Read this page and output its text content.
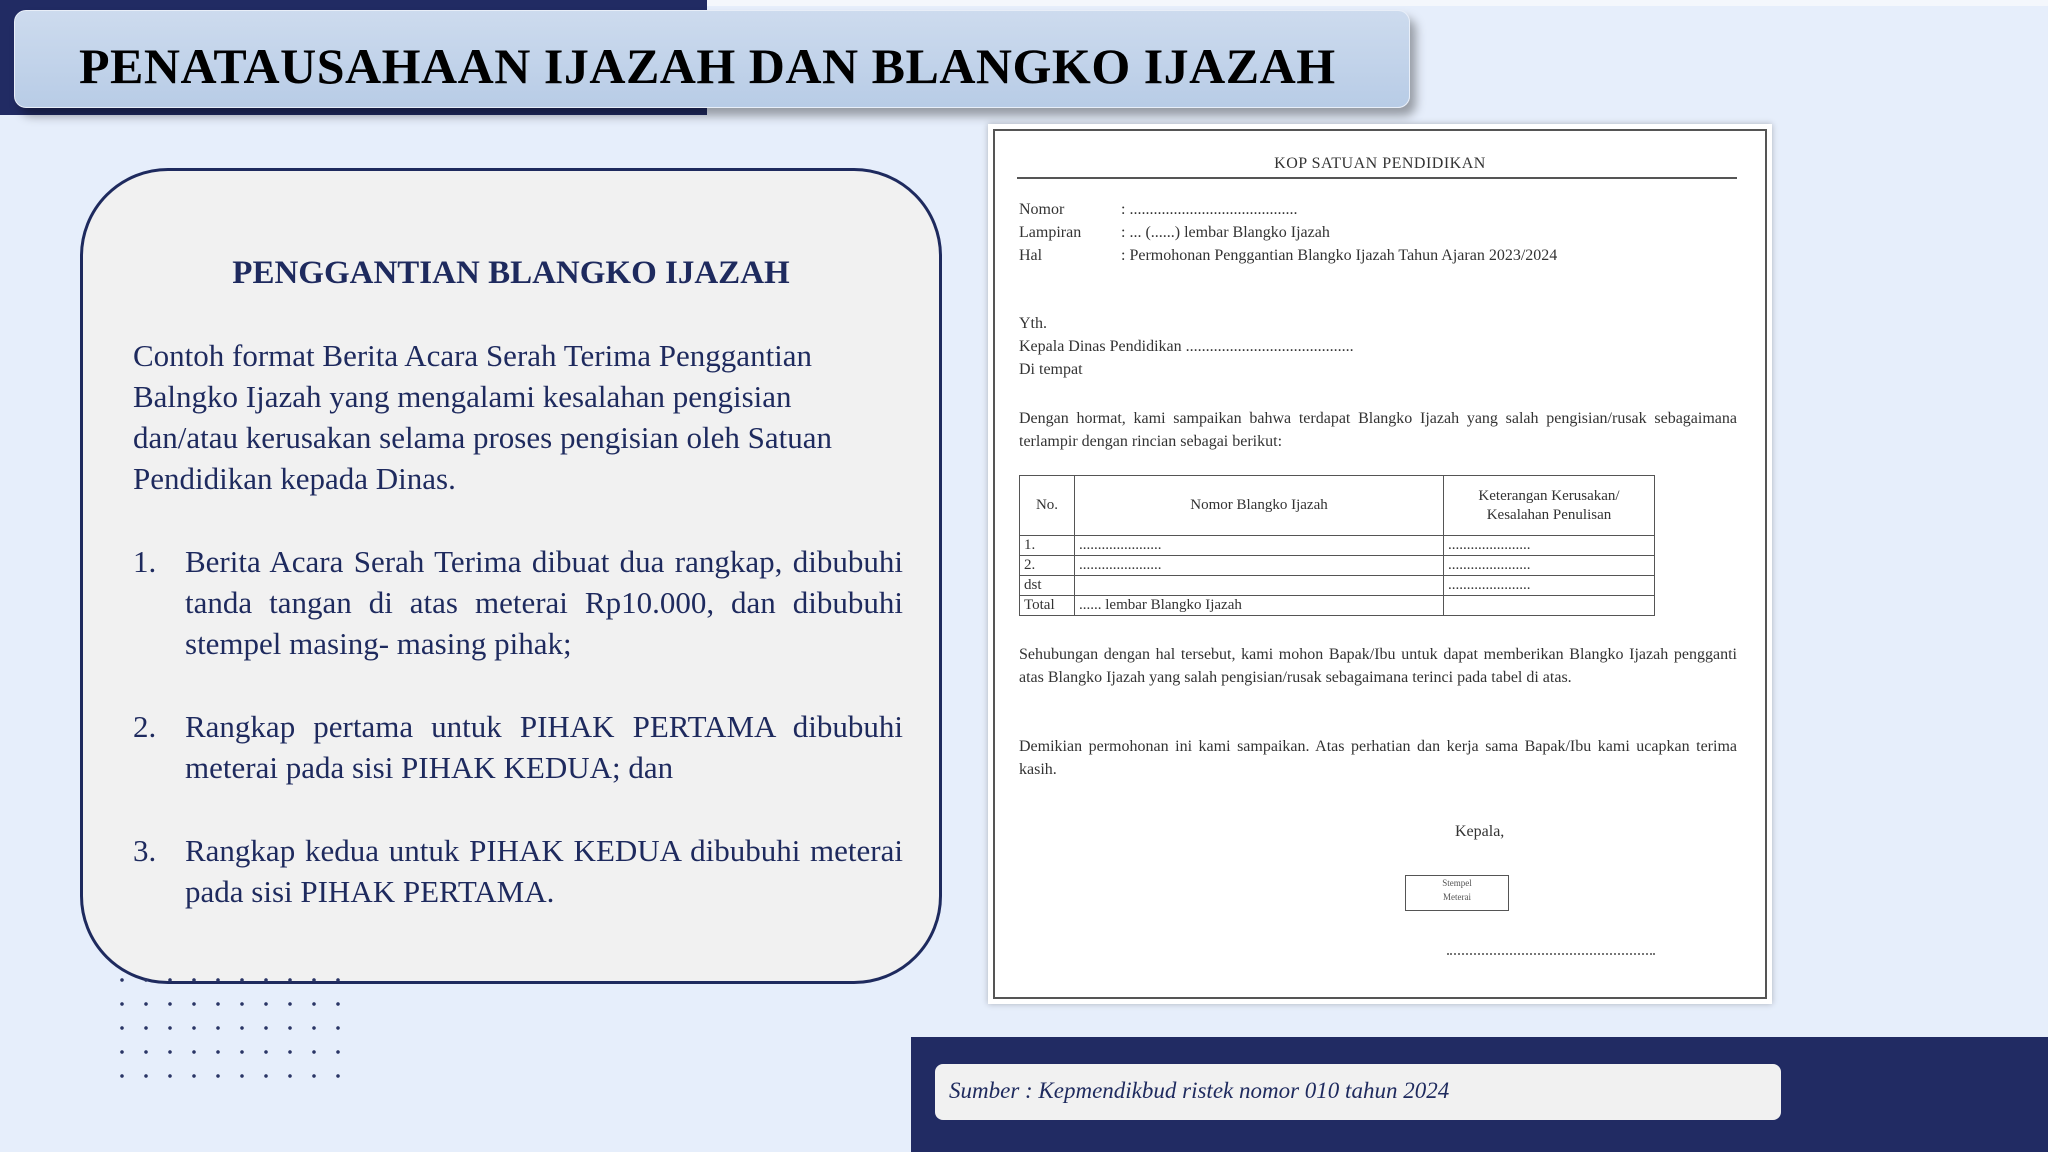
PENATAUSAHAAN IJAZAH DAN BLANGKO IJAZAH
PENGGANTIAN BLANGKO IJAZAH
Contoh format Berita Acara Serah Terima Penggantian Balngko Ijazah yang mengalami kesalahan pengisian dan/atau kerusakan selama proses pengisian oleh Satuan Pendidikan kepada Dinas.
1. Berita Acara Serah Terima dibuat dua rangkap, dibubuhi tanda tangan di atas meterai Rp10.000, dan dibubuhi stempel masing- masing pihak;
2. Rangkap pertama untuk PIHAK PERTAMA dibubuhi meterai pada sisi PIHAK KEDUA; dan
3. Rangkap kedua untuk PIHAK KEDUA dibubuhi meterai pada sisi PIHAK PERTAMA.
KOP SATUAN PENDIDIKAN
Nomor	: ..........................................
Lampiran : ... (......) lembar Blangko Ijazah
Hal	: Permohonan Penggantian Blangko Ijazah Tahun Ajaran 2023/2024
Yth.
Kepala Dinas Pendidikan ..........................................
Di tempat
Dengan hormat, kami sampaikan bahwa terdapat Blangko Ijazah yang salah pengisian/rusak sebagaimana terlampir dengan rincian sebagai berikut:
No.	Nomor Blangko Ijazah	Keterangan Kerusakan/ Kesalahan Penulisan
1.	......................	......................
2.	......................	......................
dst		......................
Total	...... lembar Blangko Ijazah	
Sehubungan dengan hal tersebut, kami mohon Bapak/Ibu untuk dapat memberikan Blangko Ijazah pengganti atas Blangko Ijazah yang salah pengisian/rusak sebagaimana terinci pada tabel di atas.
Demikian permohonan ini kami sampaikan. Atas perhatian dan kerja sama Bapak/Ibu kami ucapkan terima kasih.
Kepala,
Stempel
Meterai
Sumber : Kepmendikbud ristek nomor 010 tahun 2024
